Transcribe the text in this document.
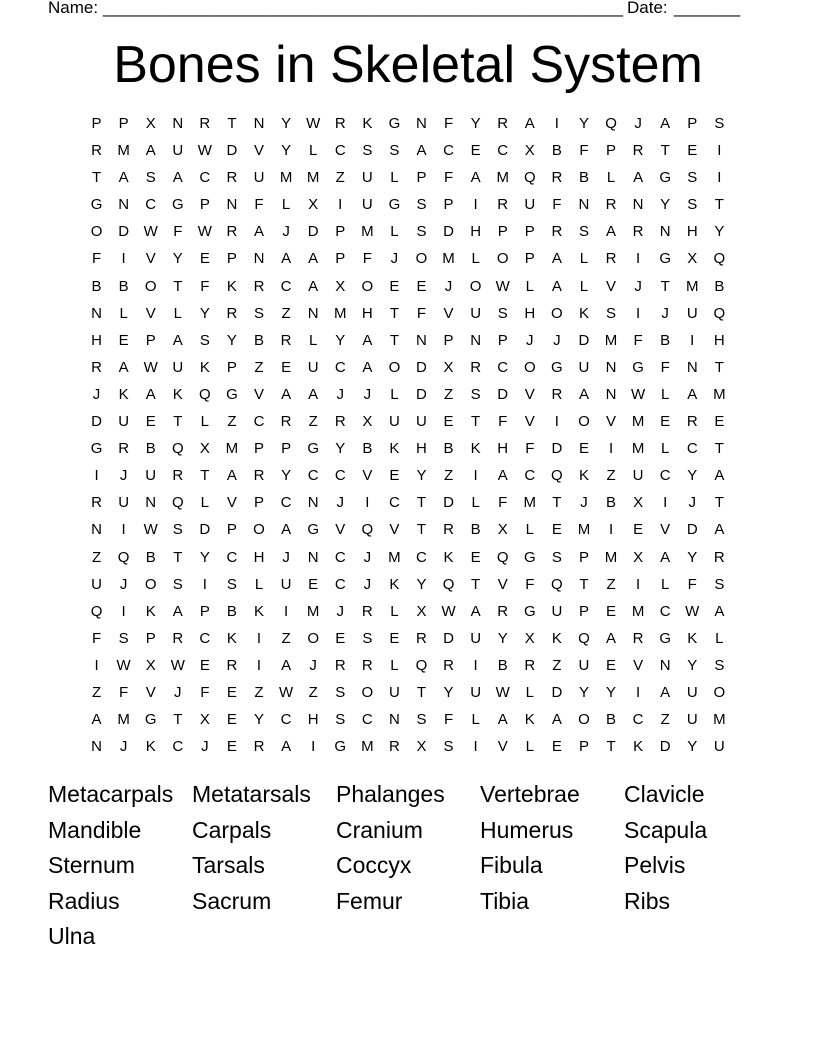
Name: _______________________________________________________ Date: _______
Bones in Skeletal System
P	P	X	N	R	T	N	Y W R	K	G	N	F	Y	R	A	I	Y	Q	J	A	P	S
R	M	A	U W D	V	Y	L	C	S	S	A	C	E	C	X	B	F	P	R	T	E	I
T	A	S	A	C	R	U	M M	Z	U	L	P	F	A	M	Q	R	B	L	A	G	S	I
G	N	C	G	P	N	F	L	X	I	U	G	S	P	I	R	U	F	N	R	N	Y	S	T
O	D W	F	W R	A	J	D	P	M	L	S	D	H	P	P	R	S	A	R	N	H	Y
F	I	V	Y	E	P	N	A	A	P	F	J	O M	L	O	P	A	L	R	I	G	X	Q
B	B	O	T	F	K	R	C	A	X	O	E	E	J	O W	L	A	L	V	J	T	M	B
N	L	V	L	Y	R	S	Z	N	M	H	T	F	V	U	S	H	O	K	S	I	J	U	Q
H	E	P	A	S	Y	B	R	L	Y	A	T	N	P	N	P	J	J	D	M	F	B	I	H
R	A W U	K	P	Z	E	U	C	A	O	D	X	R	C	O	G	U	N	G	F	N	T
J	K	A	K	Q	G	V	A	A	J	J	L	D	Z	S	D	V	R	A	N W	L	A	M
D	U	E	T	L	Z	C	R	Z	R	X	U	U	E	T	F	V	I	O	V	M	E	R	E
G	R	B	Q	X	M	P	P	G	Y	B	K	H	B	K	H	F	D	E	I	M	L	C	T
I	J	U	R	T	A	R	Y	C	C	V	E	Y	Z	I	A	C	Q	K	Z	U	C	Y	A
R	U	N	Q	L	V	P	C	N	J	I	C	T	D	L	F	M	T	J	B	X	I	J	T
N	I	W S	D	P	O	A	G	V	Q	V	T	R	B	X	L	E	M	I	E	V	D	A
Z	Q	B	T	Y	C	H	J	N	C	J	M	C	K	E	Q	G	S	P	M	X	A	Y	R
U	J	O	S	I	S	L	U	E	C	J	K	Y	Q	T	V	F	Q	T	Z	I	L	F	S
Q	I	K	A	P	B	K	I	M	J	R	L	X W A	R	G	U	P	E	M	C W A
F	S	P	R	C	K	I	Z	O	E	S	E	R	D	U	Y	X	K	Q	A	R	G	K	L
I	W X W E	R	I	A	J	R	R	L	Q	R	I	B	R	Z	U	E	V	N	Y	S
Z	F	V	J	F	E	Z	W	Z	S	O	U	T	Y	U W	L	D	Y	Y	I	A	U	O
A	M	G	T	X	E	Y	C	H	S	C	N	S	F	L	A	K	A	O	B	C	Z	U	M
N	J	K	C	J	E	R	A	I	G M	R	X	S	I	V	L	E	P	T	K	D	Y	U
Metacarpals Metatarsals	Phalanges	Vertebrae	Clavicle
Mandible	Carpals	Cranium	Humerus	Scapula
Sternum	Tarsals	Coccyx	Fibula	Pelvis
Radius	Sacrum	Femur	Tibia	Ribs
Ulna
